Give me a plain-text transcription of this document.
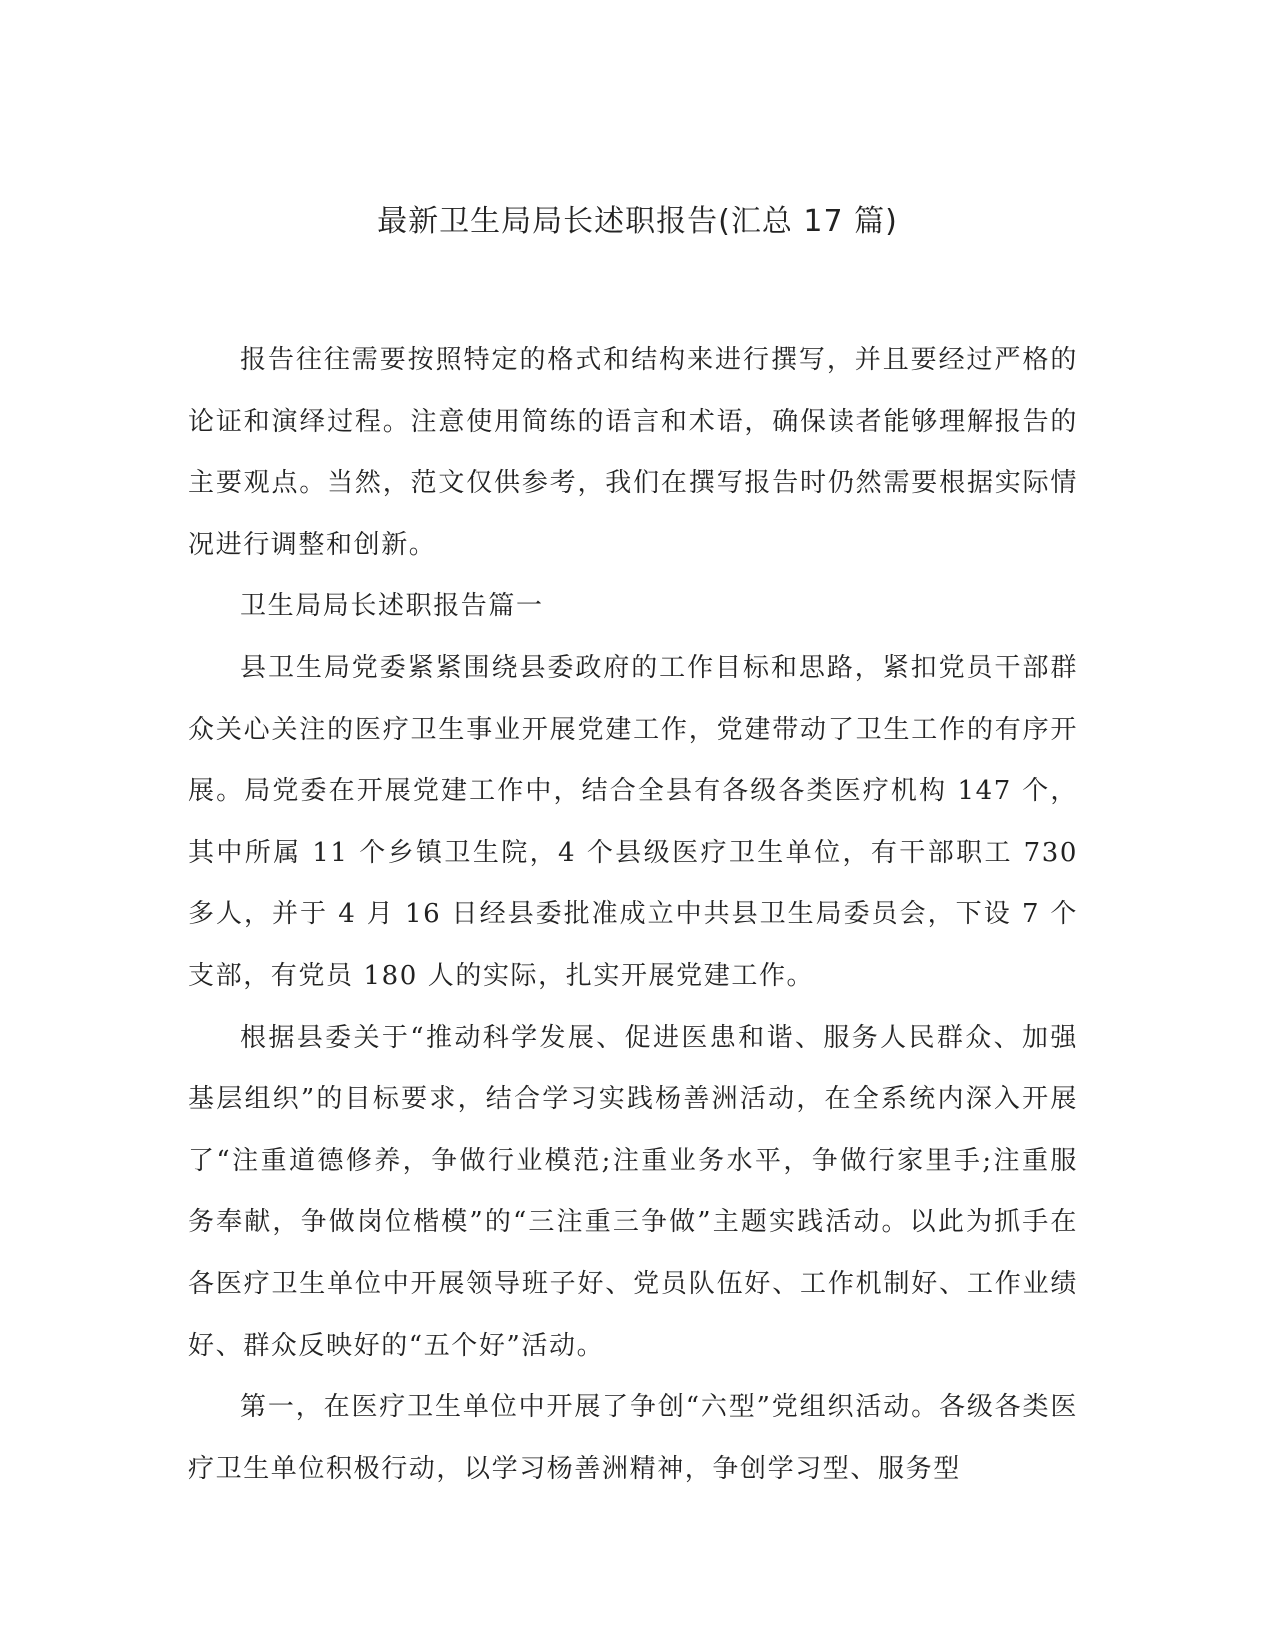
最新卫生局局长述职报告(汇总 17 篇)

报告往往需要按照特定的格式和结构来进行撰写，并且要经过严格的论证和演绎过程。注意使用简练的语言和术语，确保读者能够理解报告的主要观点。当然，范文仅供参考，我们在撰写报告时仍然需要根据实际情况进行调整和创新。

卫生局局长述职报告篇一

县卫生局党委紧紧围绕县委政府的工作目标和思路，紧扣党员干部群众关心关注的医疗卫生事业开展党建工作，党建带动了卫生工作的有序开展。局党委在开展党建工作中，结合全县有各级各类医疗机构 147 个，其中所属 11 个乡镇卫生院，4 个县级医疗卫生单位，有干部职工 730 多人，并于 4 月 16 日经县委批准成立中共县卫生局委员会，下设 7 个支部，有党员 180 人的实际，扎实开展党建工作。

根据县委关于“推动科学发展、促进医患和谐、服务人民群众、加强基层组织”的目标要求，结合学习实践杨善洲活动，在全系统内深入开展了“注重道德修养，争做行业模范;注重业务水平，争做行家里手;注重服务奉献，争做岗位楷模”的“三注重三争做”主题实践活动。以此为抓手在各医疗卫生单位中开展领导班子好、党员队伍好、工作机制好、工作业绩好、群众反映好的“五个好”活动。

第一，在医疗卫生单位中开展了争创“六型”党组织活动。各级各类医疗卫生单位积极行动，以学习杨善洲精神，争创学习型、服务型
